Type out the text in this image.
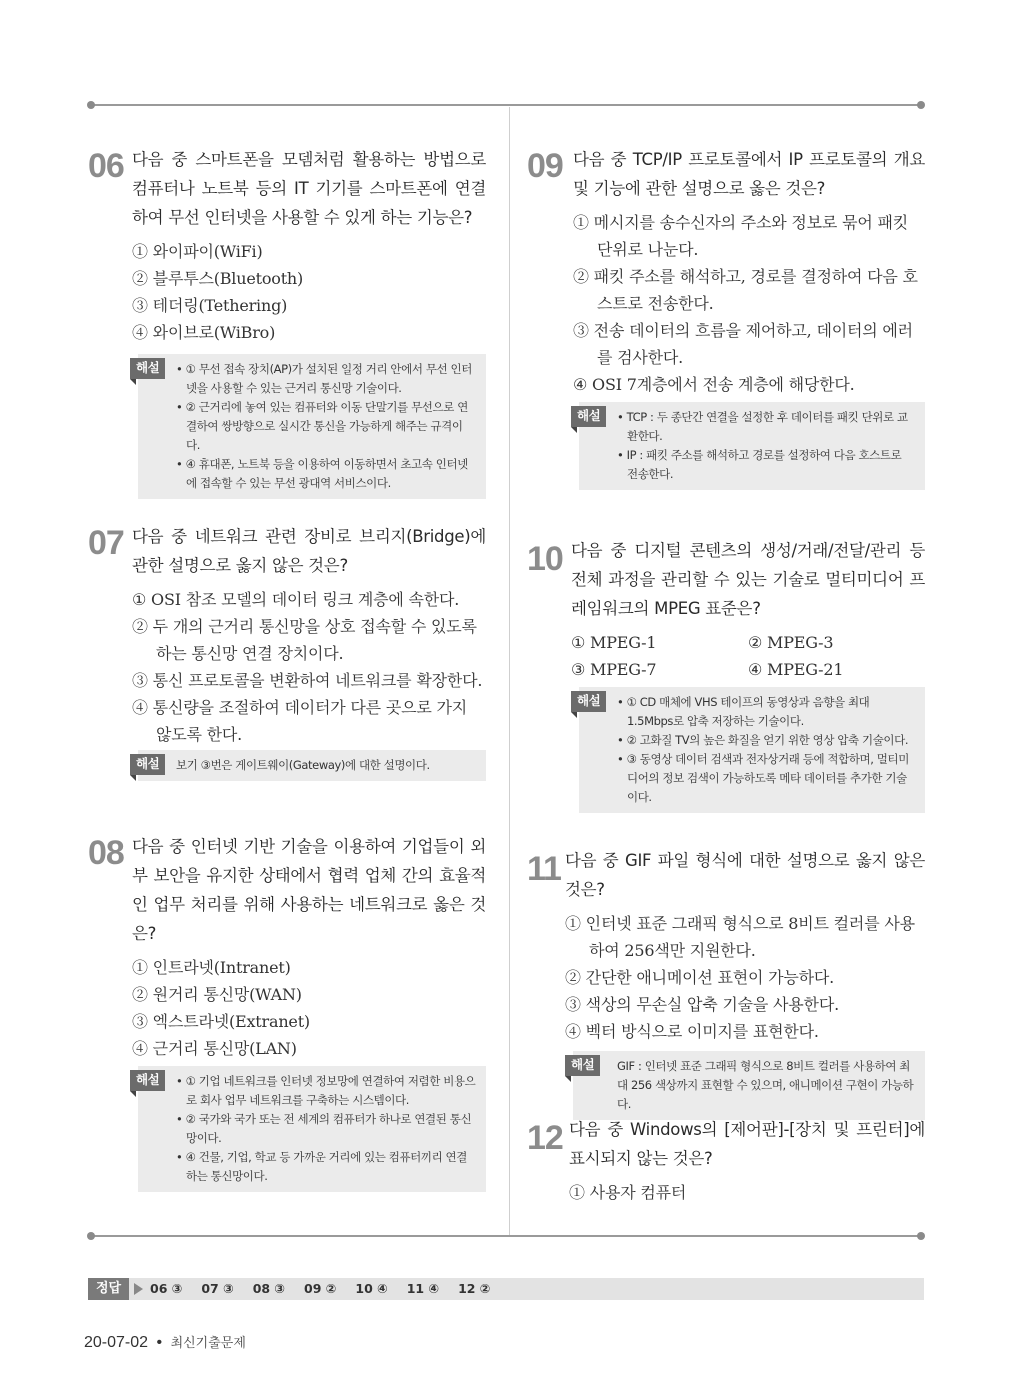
06 다음 중 스마트폰을 모뎀처럼 활용하는 방법으로 컴퓨터나 노트북 등의 IT 기기를 스마트폰에 연결하여 무선 인터넷을 사용할 수 있게 하는 기능은?
① 와이파이(WiFi)
② 블루투스(Bluetooth)
③ 테더링(Tethering)
④ 와이브로(WiBro)
해설	• ① 무선 접속 장치(AP)가 설치된 일정 거리 안에서 무선 인터넷을 사용할 수 있는 근거리 통신망 기술이다.
• ② 근거리에 놓여 있는 컴퓨터와 이동 단말기를 무선으로 연결하여 쌍방향으로 실시간 통신을 가능하게 해주는 규격이다.
• ④ 휴대폰, 노트북 등을 이용하여 이동하면서 초고속 인터넷에 접속할 수 있는 무선 광대역 서비스이다.
07 다음 중 네트워크 관련 장비로 브리지(Bridge)에 관한 설명으로 옳지 않은 것은?
① OSI 참조 모델의 데이터 링크 계층에 속한다.
② 두 개의 근거리 통신망을 상호 접속할 수 있도록 하는 통신망 연결 장치이다.
③ 통신 프로토콜을 변환하여 네트워크를 확장한다.
④ 통신량을 조절하여 데이터가 다른 곳으로 가지 않도록 한다.
해설	보기 ③번은 게이트웨이(Gateway)에 대한 설명이다.
08 다음 중 인터넷 기반 기술을 이용하여 기업들이 외부 보안을 유지한 상태에서 협력 업체 간의 효율적인 업무 처리를 위해 사용하는 네트워크로 옳은 것은?
① 인트라넷(Intranet)
② 원거리 통신망(WAN)
③ 엑스트라넷(Extranet)
④ 근거리 통신망(LAN)
해설	• ① 기업 네트워크를 인터넷 정보망에 연결하여 저렴한 비용으로 회사 업무 네트워크를 구축하는 시스템이다.
• ② 국가와 국가 또는 전 세계의 컴퓨터가 하나로 연결된 통신망이다.
• ④ 건물, 기업, 학교 등 가까운 거리에 있는 컴퓨터끼리 연결하는 통신망이다.
09 다음 중 TCP/IP 프로토콜에서 IP 프로토콜의 개요 및 기능에 관한 설명으로 옳은 것은?
① 메시지를 송수신자의 주소와 정보로 묶어 패킷 단위로 나눈다.
② 패킷 주소를 해석하고, 경로를 결정하여 다음 호스트로 전송한다.
③ 전송 데이터의 흐름을 제어하고, 데이터의 에러를 검사한다.
④ OSI 7계층에서 전송 계층에 해당한다.
해설	• TCP : 두 종단간 연결을 설정한 후 데이터를 패킷 단위로 교환한다.
• IP : 패킷 주소를 해석하고 경로를 설정하여 다음 호스트로 전송한다.
10 다음 중 디지털 콘텐츠의 생성/거래/전달/관리 등 전체 과정을 관리할 수 있는 기술로 멀티미디어 프레임워크의 MPEG 표준은?
① MPEG-1	② MPEG-3
③ MPEG-7	④ MPEG-21
해설	• ① CD 매체에 VHS 테이프의 동영상과 음향을 최대 1.5Mbps로 압축 저장하는 기술이다.
• ② 고화질 TV의 높은 화질을 얻기 위한 영상 압축 기술이다.
• ③ 동영상 데이터 검색과 전자상거래 등에 적합하며, 멀티미디어의 정보 검색이 가능하도록 메타 데이터를 추가한 기술이다.
11 다음 중 GIF 파일 형식에 대한 설명으로 옳지 않은 것은?
① 인터넷 표준 그래픽 형식으로 8비트 컬러를 사용하여 256색만 지원한다.
② 간단한 애니메이션 표현이 가능하다.
③ 색상의 무손실 압축 기술을 사용한다.
④ 벡터 방식으로 이미지를 표현한다.
해설	GIF : 인터넷 표준 그래픽 형식으로 8비트 컬러를 사용하여 최대 256 색상까지 표현할 수 있으며, 애니메이션 구현이 가능하다.
12 다음 중 Windows의 [제어판]-[장치 및 프린터]에 표시되지 않는 것은?
① 사용자 컴퓨터
정답	06 ③ 07 ③ 08 ③ 09 ② 10 ④ 11 ④ 12 ②
20-07-02 • 최신기출문제
